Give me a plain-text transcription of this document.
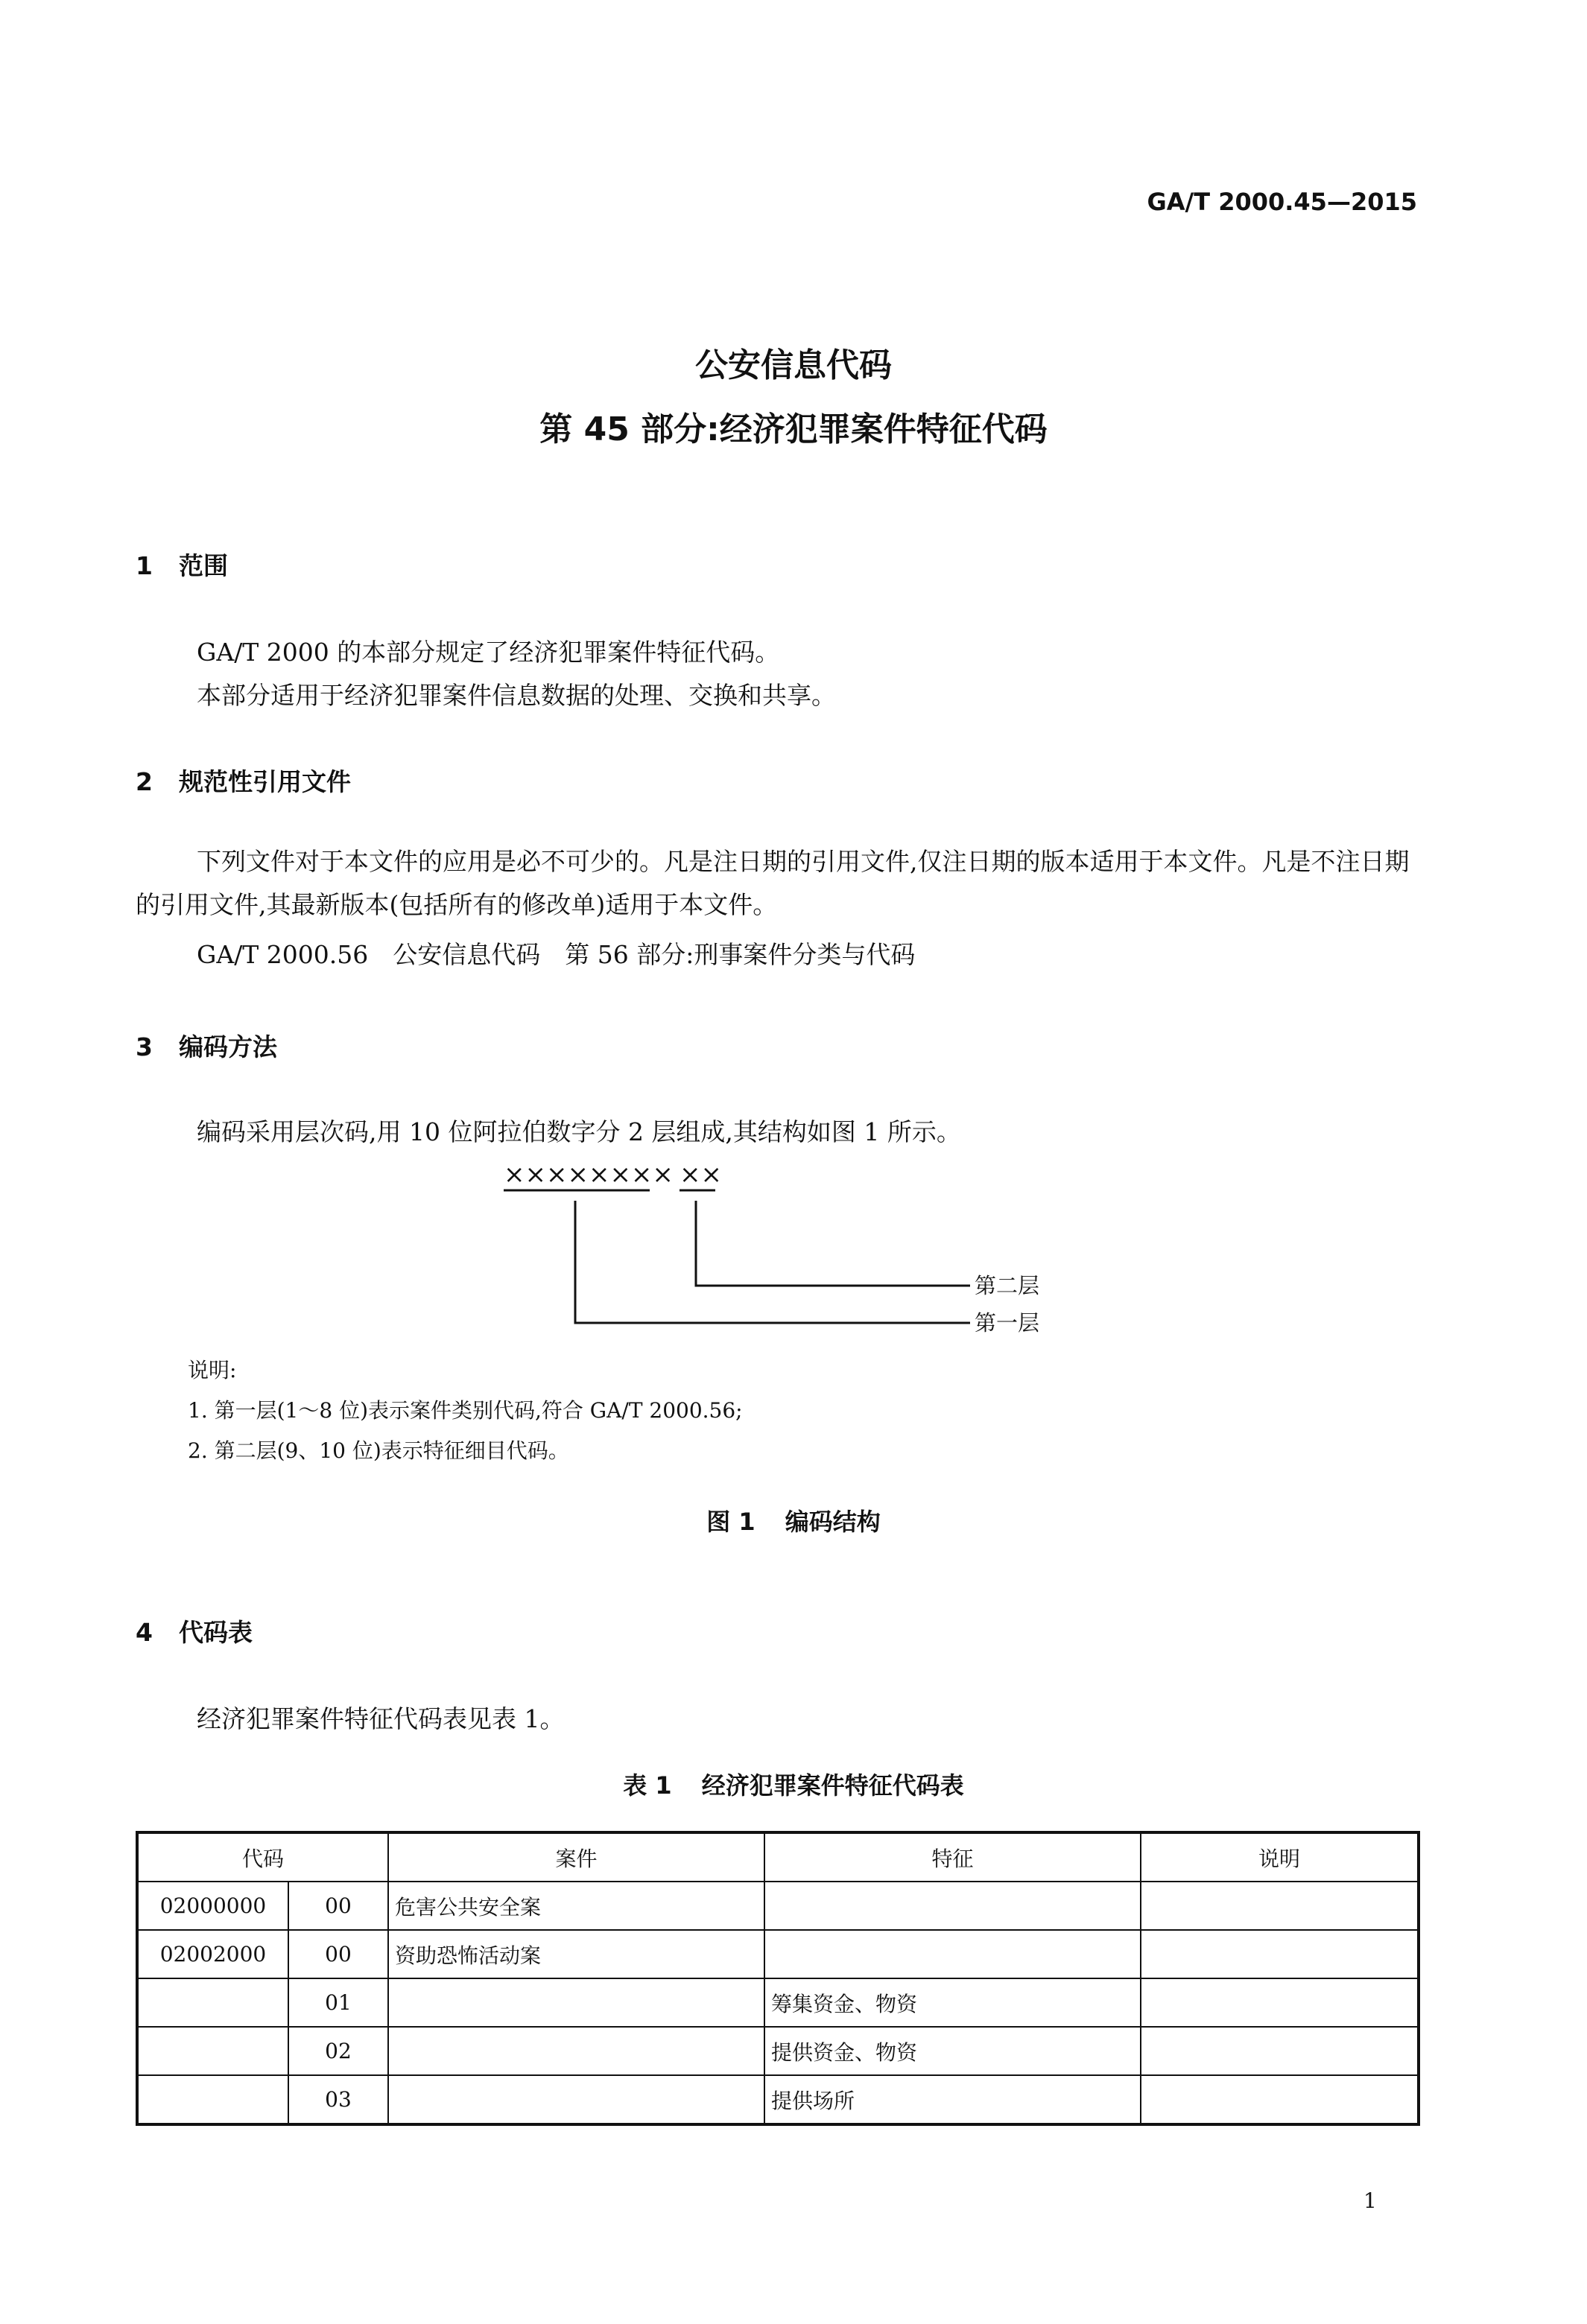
GA/T 2000.45—2015
公安信息代码
第 45 部分:经济犯罪案件特征代码
1 范围
GA/T 2000 的本部分规定了经济犯罪案件特征代码。
本部分适用于经济犯罪案件信息数据的处理、交换和共享。
2 规范性引用文件
下列文件对于本文件的应用是必不可少的。凡是注日期的引用文件,仅注日期的版本适用于本文件。凡是不注日期的引用文件,其最新版本(包括所有的修改单)适用于本文件。
GA/T 2000.56　公安信息代码　第 56 部分:刑事案件分类与代码
3 编码方法
编码采用层次码,用 10 位阿拉伯数字分 2 层组成,其结构如图 1 所示。
×××××××× ××
第二层
第一层
说明:
1. 第一层(1～8 位)表示案件类别代码,符合 GA/T 2000.56;
2. 第二层(9、10 位)表示特征细目代码。
图 1 编码结构
4 代码表
经济犯罪案件特征代码表见表 1。
表 1 经济犯罪案件特征代码表
代码		案件	特征	说明
02000000	00	危害公共安全案		
02002000	00	资助恐怖活动案		
	01		筹集资金、物资	
	02		提供资金、物资	
	03		提供场所	
1
